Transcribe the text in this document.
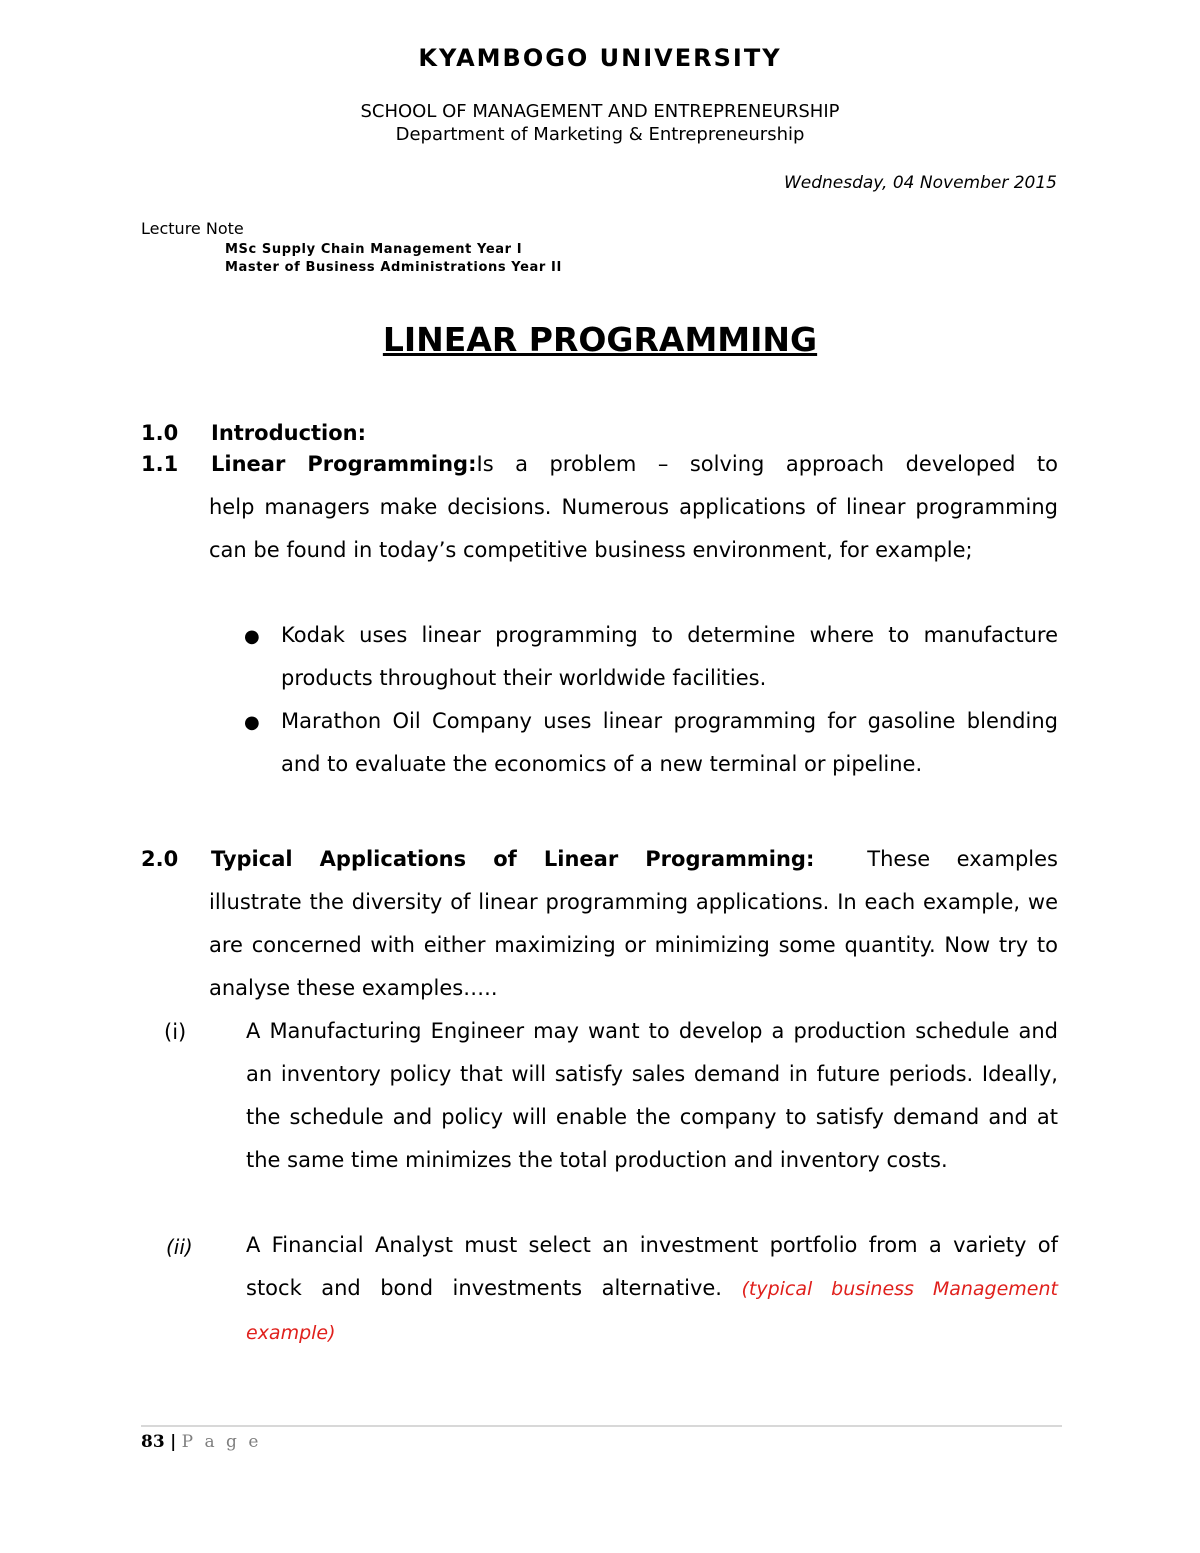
KYAMBOGO UNIVERSITY
SCHOOL OF MANAGEMENT AND ENTREPRENEURSHIP
Department of Marketing & Entrepreneurship
Wednesday, 04 November 2015
Lecture Note
MSc Supply Chain Management Year I
Master of Business Administrations Year II
LINEAR PROGRAMMING
1.0 Introduction:
1.1 Linear Programming:Is a problem – solving approach developed to
help managers make decisions. Numerous applications of linear programming can be found in today’s competitive business environment, for example;
● Kodak uses linear programming to determine where to manufacture products throughout their worldwide facilities.
● Marathon Oil Company uses linear programming for gasoline blending and to evaluate the economics of a new terminal or pipeline.
2.0 Typical Applications of Linear Programming:	These examples
illustrate the diversity of linear programming applications. In each example, we are concerned with either maximizing or minimizing some quantity. Now try to analyse these examples…..
(i)	A Manufacturing Engineer may want to develop a production schedule and an inventory policy that will satisfy sales demand in future periods. Ideally, the schedule and policy will enable the company to satisfy demand and at the same time minimizes the total production and inventory costs.
(ii)	A Financial Analyst must select an investment portfolio from a variety of stock and bond investments alternative. (typical business Management example)
83 | P a g e
